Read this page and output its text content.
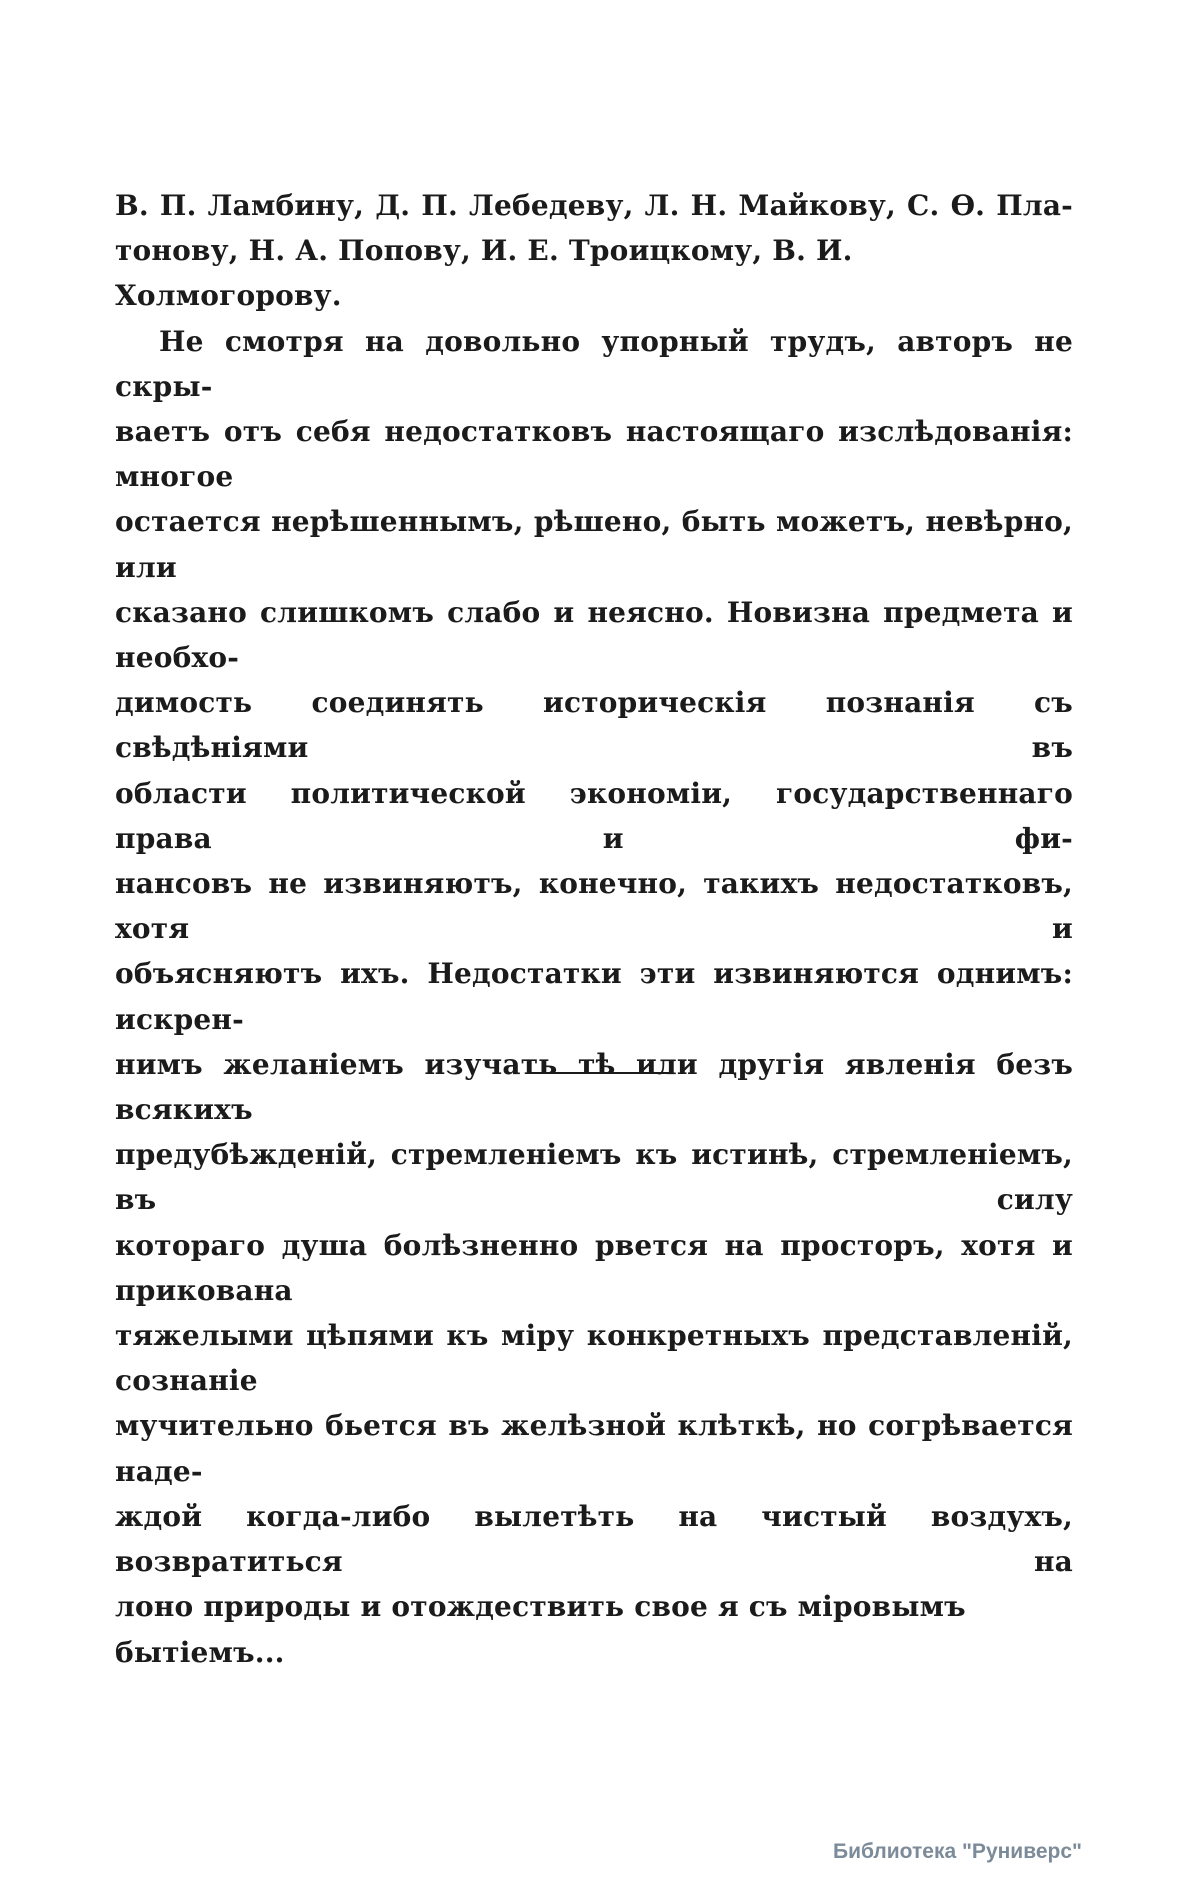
В. П. Ламбину, Д. П. Лебедеву, Л. Н. Майкову, С. Ѳ. Пла-
тонову, Н. А. Попову, И. Е. Троицкому, В. И. Холмогорову.
Не смотря на довольно упорный трудъ, авторъ не скры-
ваетъ отъ себя недостатковъ настоящаго изслѣдованія: многое
остается нерѣшеннымъ, рѣшено, быть можетъ, невѣрно, или
сказано слишкомъ слабо и неясно. Новизна предмета и необхо-
димость соединять историческія познанія съ свѣдѣніями въ
области политической экономіи, государственнаго права и фи-
нансовъ не извиняютъ, конечно, такихъ недостатковъ, хотя и
объясняютъ ихъ. Недостатки эти извиняются однимъ: искрен-
нимъ желаніемъ изучать тѣ или другія явленія безъ всякихъ
предубѣжденій, стремленіемъ къ истинѣ, стремленіемъ, въ силу
котораго душа болѣзненно рвется на просторъ, хотя и прикована
тяжелыми цѣпями къ міру конкретныхъ представленій, сознаніе
мучительно бьется въ желѣзной клѣткѣ, но согрѣвается наде-
ждой когда-либо вылетѣть на чистый воздухъ, возвратиться на
лоно природы и отождествить свое я съ міровымъ бытіемъ...
Библиотека "Руниверс"
